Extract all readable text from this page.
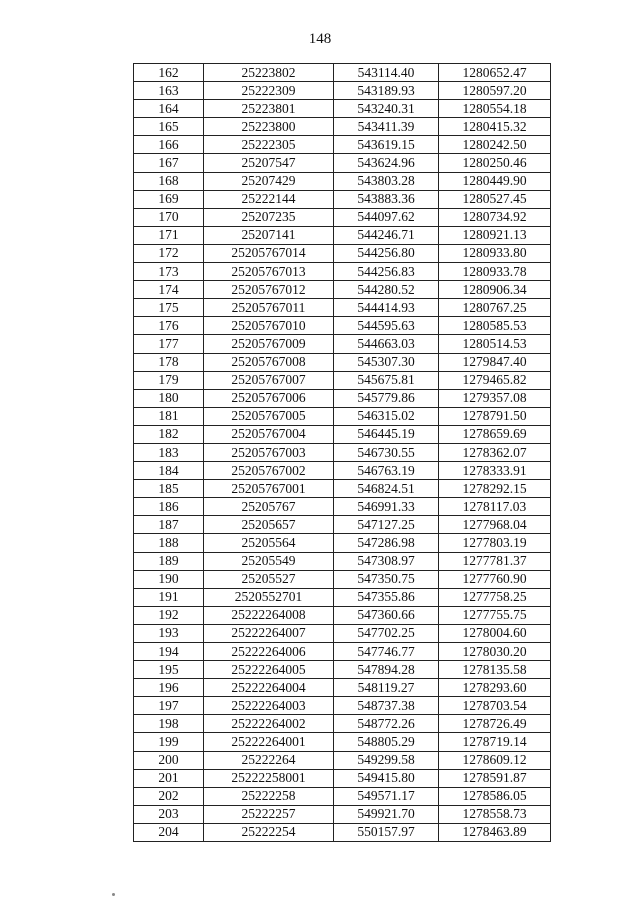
148
162	25223802	543114.40	1280652.47
163	25222309	543189.93	1280597.20
164	25223801	543240.31	1280554.18
165	25223800	543411.39	1280415.32
166	25222305	543619.15	1280242.50
167	25207547	543624.96	1280250.46
168	25207429	543803.28	1280449.90
169	25222144	543883.36	1280527.45
170	25207235	544097.62	1280734.92
171	25207141	544246.71	1280921.13
172	25205767014	544256.80	1280933.80
173	25205767013	544256.83	1280933.78
174	25205767012	544280.52	1280906.34
175	25205767011	544414.93	1280767.25
176	25205767010	544595.63	1280585.53
177	25205767009	544663.03	1280514.53
178	25205767008	545307.30	1279847.40
179	25205767007	545675.81	1279465.82
180	25205767006	545779.86	1279357.08
181	25205767005	546315.02	1278791.50
182	25205767004	546445.19	1278659.69
183	25205767003	546730.55	1278362.07
184	25205767002	546763.19	1278333.91
185	25205767001	546824.51	1278292.15
186	25205767	546991.33	1278117.03
187	25205657	547127.25	1277968.04
188	25205564	547286.98	1277803.19
189	25205549	547308.97	1277781.37
190	25205527	547350.75	1277760.90
191	2520552701	547355.86	1277758.25
192	25222264008	547360.66	1277755.75
193	25222264007	547702.25	1278004.60
194	25222264006	547746.77	1278030.20
195	25222264005	547894.28	1278135.58
196	25222264004	548119.27	1278293.60
197	25222264003	548737.38	1278703.54
198	25222264002	548772.26	1278726.49
199	25222264001	548805.29	1278719.14
200	25222264	549299.58	1278609.12
201	25222258001	549415.80	1278591.87
202	25222258	549571.17	1278586.05
203	25222257	549921.70	1278558.73
204	25222254	550157.97	1278463.89
